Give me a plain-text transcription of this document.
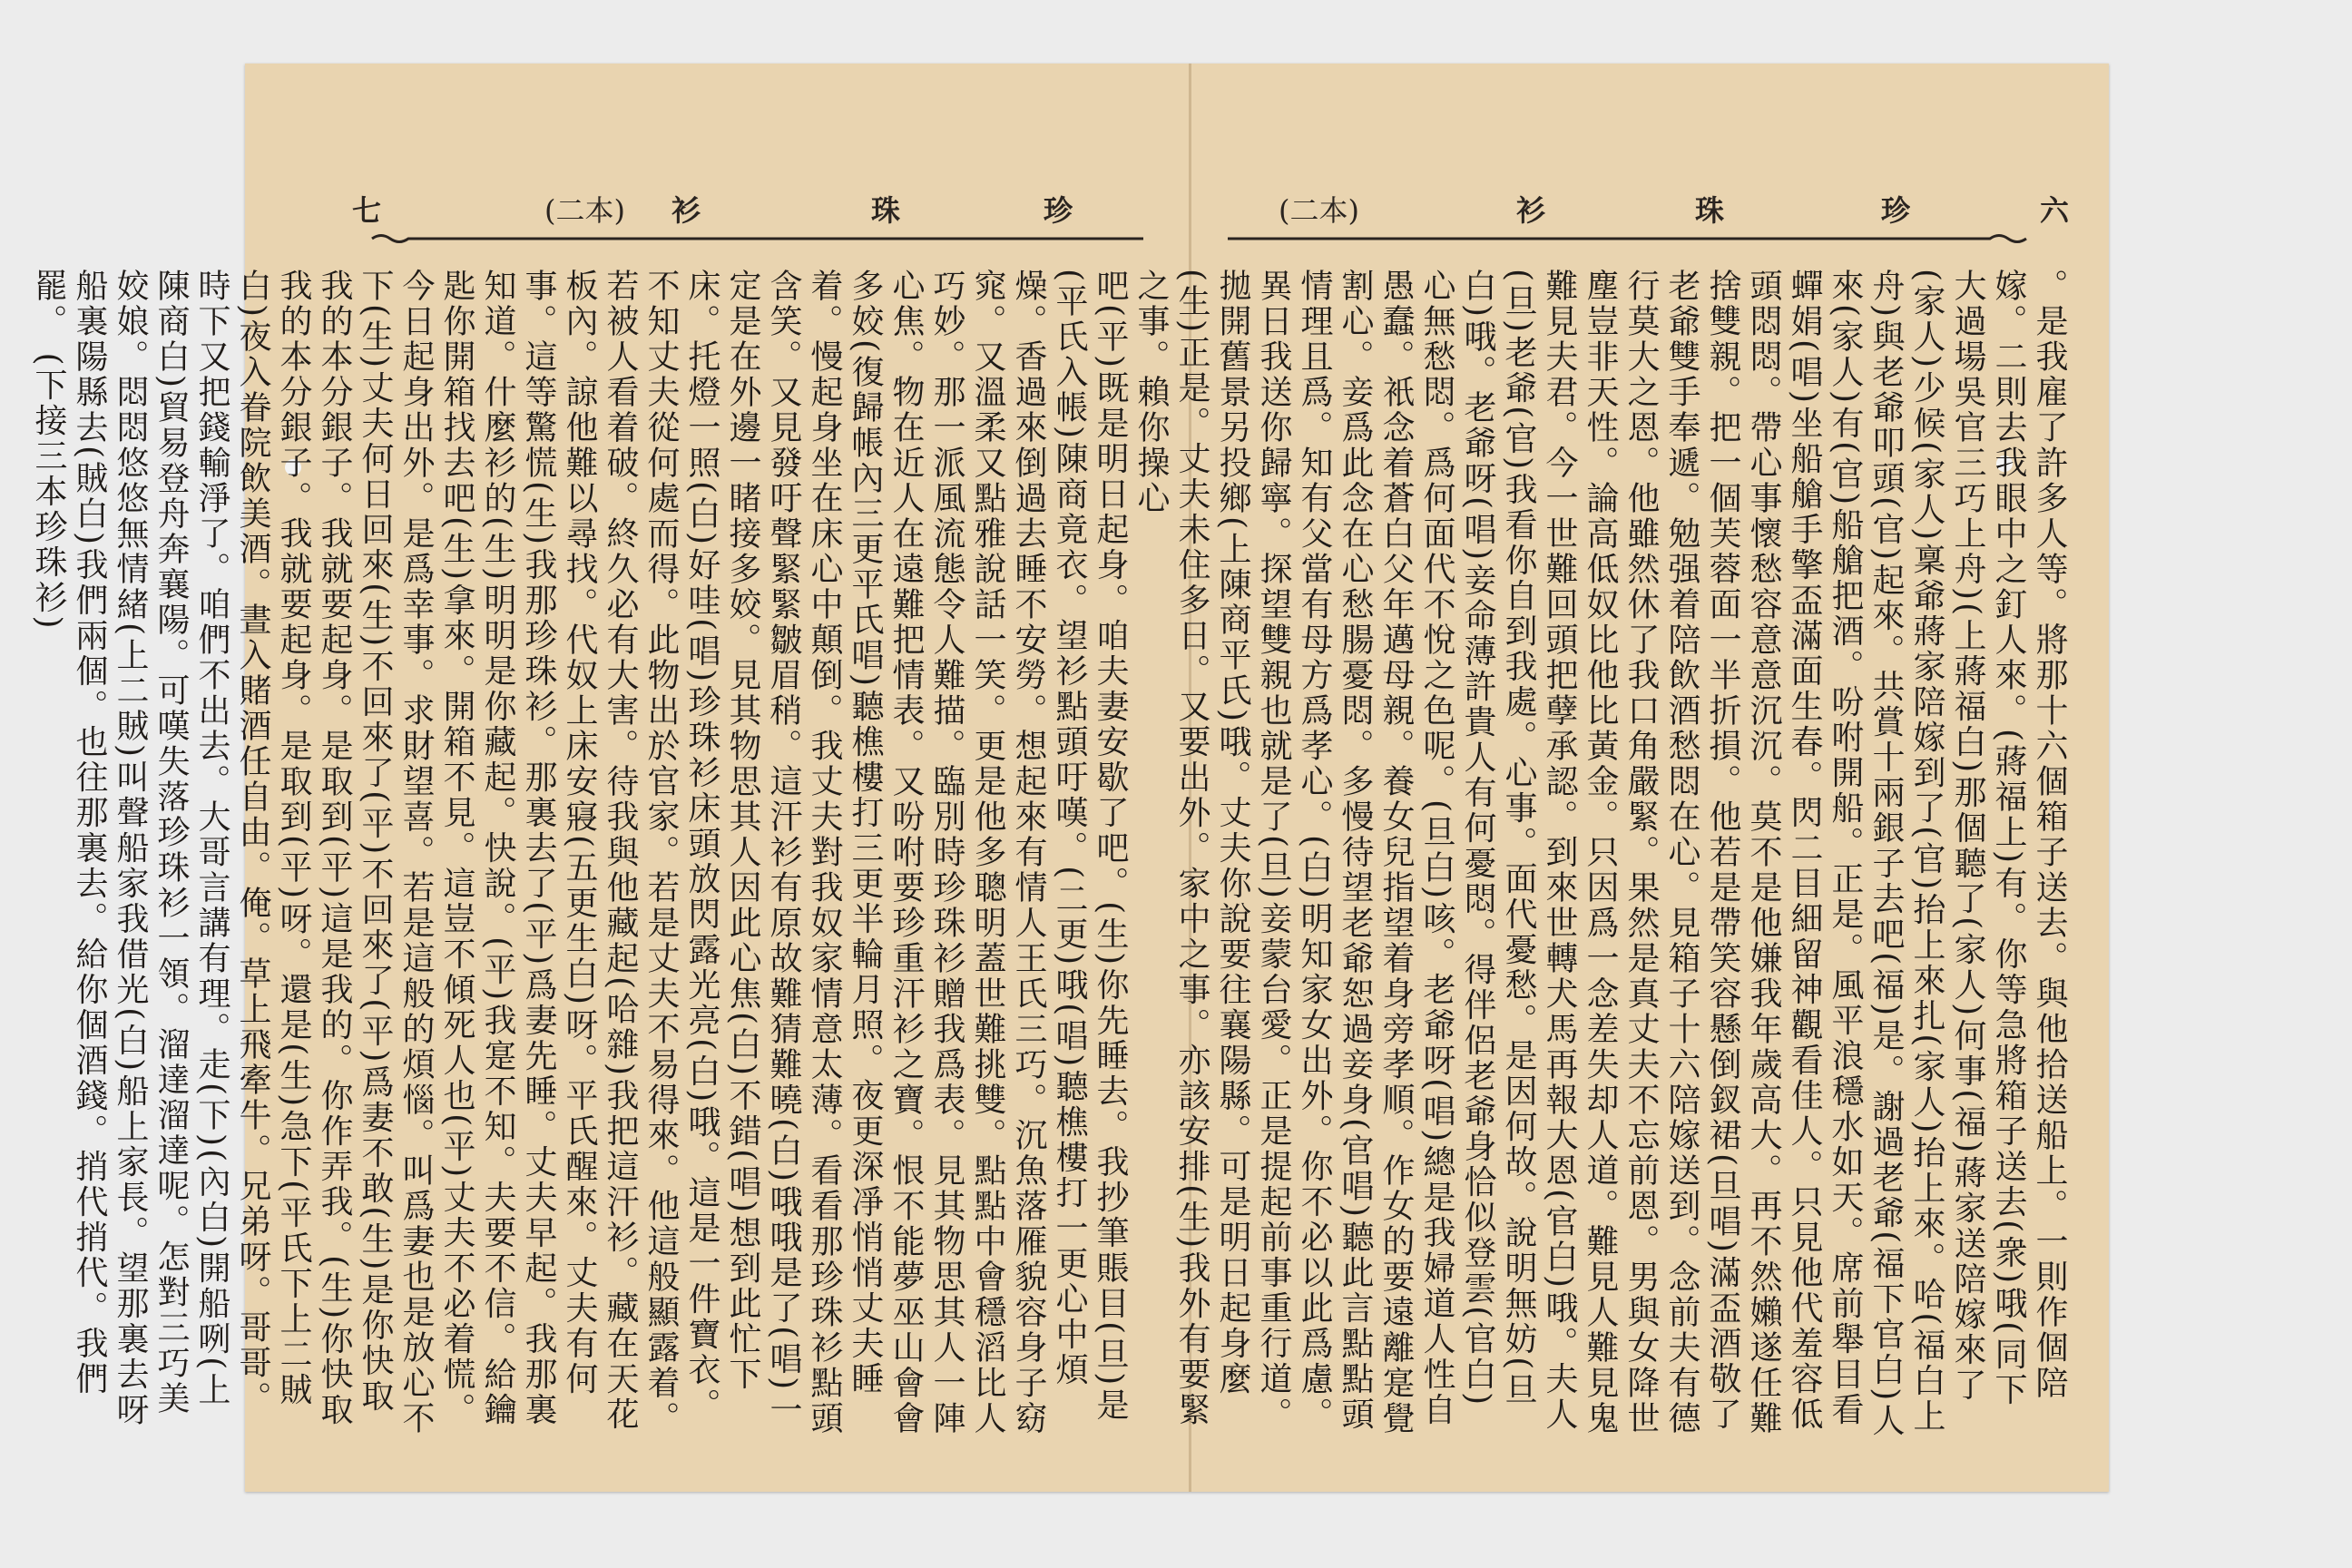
七	(二本) 衫	珠	珍
吧(平)既是明日起身。咱夫妻安歇了吧。(生)你先睡去。我抄筆賬目(旦)是(平氏入帳)陳商竟衣。望衫點頭吁嘆。(二更)哦(唱)聽樵樓打一更心中煩燥。香過來倒過去睡不安勞。想起來有情人王氏三巧。沉魚落雁貌容身子窈窕。又溫柔又點雅說話一笑。更是他多聰明蓋世難挑雙。點點中會穩滔比人巧妙。那一派風流態令人難描。臨別時珍珠衫贈我爲表。見其物思其人一陣心焦。物在近人在遠難把情表。又吩咐要珍重汗衫之寶。恨不能夢巫山會會多姣(復歸帳內三更平氏唱)聽樵樓打三更半輪月照。夜更深凈悄悄丈夫睡着。慢起身坐在床心中顛倒。我丈夫對我奴家情意太薄。看看那珍珠衫點頭含笑。又見發吁聲緊緊皺眉稍。這汗衫有原故難猜難曉(白)哦哦是了(唱)一定是在外邊一睹接多姣。見其物思其人因此心焦(白)不錯(唱)想到此忙下床。托燈一照(白)好哇(唱)珍珠衫床頭放閃露光亮(白)哦。這是一件寶衣。不知丈夫從何處而得。此物出於官家。若是丈夫不易得來。他這般顯露着。若被人看着破。終久必有大害。待我與他藏起(哈雜)我把這汗衫。藏在天花板內。諒他難以尋找。代奴上床安寢(五更生白)呀。平氏醒來。丈夫有何事。這等驚慌(生)我那珍珠衫。那裏去了(平)爲妻先睡。丈夫早起。我那裏知道。什麼衫的(生)明明是你藏起。快說。(平)我寔不知。夫要不信。給鑰匙你開箱找去吧(生)拿來。開箱不見。這豈不傾死人也(平)丈夫不必着慌。今日起身出外。是爲幸事。求財望喜。若是這般的煩惱。叫爲妻也是放心不下(生)丈夫何日回來(生)不回來了(平)不回來了(平)爲妻不敢(生)是你快取我的本分銀子。我就要起身。是取到(平)這是我的。你作弄我。(生)你快取我的本分銀子。我就要起身。是取到(平)呀。還是(生)急下(平氏下上二賊白)夜入眷院飲美酒。晝入賭酒任自由。俺。草上飛牽牛。兄弟呀。哥哥。時下又把錢輸淨了。咱們不出去。大哥言講有理。走(下)(內白)開船咧(上陳商白)貿易登舟奔襄陽。可嘆失落珍珠衫一領。溜達溜達呢。怎對三巧美姣娘。悶悶悠悠無情緒(上二賊)叫聲船家我借光(白)船上家長。望那裏去呀船裏陽縣去(賊白)我們兩個。也往那裏去。給你個酒錢。捎代捎代。我們罷。 (下接三本珍珠衫)
(二本)	衫	珠	珍	六
。是我雇了許多人等。將那十六個箱子送去。與他拾送船上。一則作個陪嫁。二則去我眼中之釘人來。(蔣福上)有。你等急將箱子送去(衆)哦(同下大過場吳官三巧上舟)(上蔣福白)那個聽了(家人)何事(福)蔣家送陪嫁來了(家人)少候(家人)稟爺蔣家陪嫁到了(官)抬上來扎(家人)抬上來。哈(福白上舟)與老爺叩頭(官)起來。共賞十兩銀子去吧(福)是。謝過老爺(福下官白)人來(家人)有(官)船艙把酒。吩咐開船。正是。風平浪穩水如天。席前舉目看蟬娟(唱)坐船艙手擎盃滿面生春。閃二目細留神觀看佳人。只見他代羞容低頭悶悶。帶心事懷愁容意意沉沉。莫不是他嫌我年歲高大。再不然嬾遂任難捨雙親。把一個芙蓉面一半折損。他若是帶笑容懸倒釵裙(旦唱)滿盃酒敬了老爺雙手奉遞。勉强着陪飲酒愁悶在心。見箱子十六陪嫁送到。念前夫有德行莫大之恩。他雖然休了我口角嚴緊。果然是真丈夫不忘前恩。男與女降世塵豈非天性。論高低奴比他比黃金。只因爲一念差失却人道。難見人難見鬼難見夫君。今一世難回頭把孽承認。到來世轉犬馬再報大恩(官白)哦。夫人(旦)老爺(官)我看你自到我處。心事。面代憂愁。是因何故。說明無妨(旦白)哦。老爺呀(唱)妾命薄許貴人有何憂悶。得伴侶老爺身恰似登雲(官白)心無愁悶。爲何面代不悅之色呢。(旦白)咳。老爺呀(唱)總是我婦道人性自愚蠢。衹念着蒼白父年邁母親。養女兒指望着身旁孝順。作女的要遠離寔覺割心。妾爲此念在心愁腸憂悶。多慢待望老爺恕過妾身(官唱)聽此言點點頭情理且爲。知有父當有母方爲孝心。(白)明知家女出外。你不必以此爲慮。異日我送你歸寧。探望雙親也就是了(旦)妾蒙台愛。正是提起前事重行道。拋開舊景另投鄉(上陳商平氏)哦。丈夫你說要往襄陽縣。可是明日起身麼(生)正是。丈夫未住多日。又要出外。家中之事。亦該安排(生)我外有要緊之事。賴你操心
